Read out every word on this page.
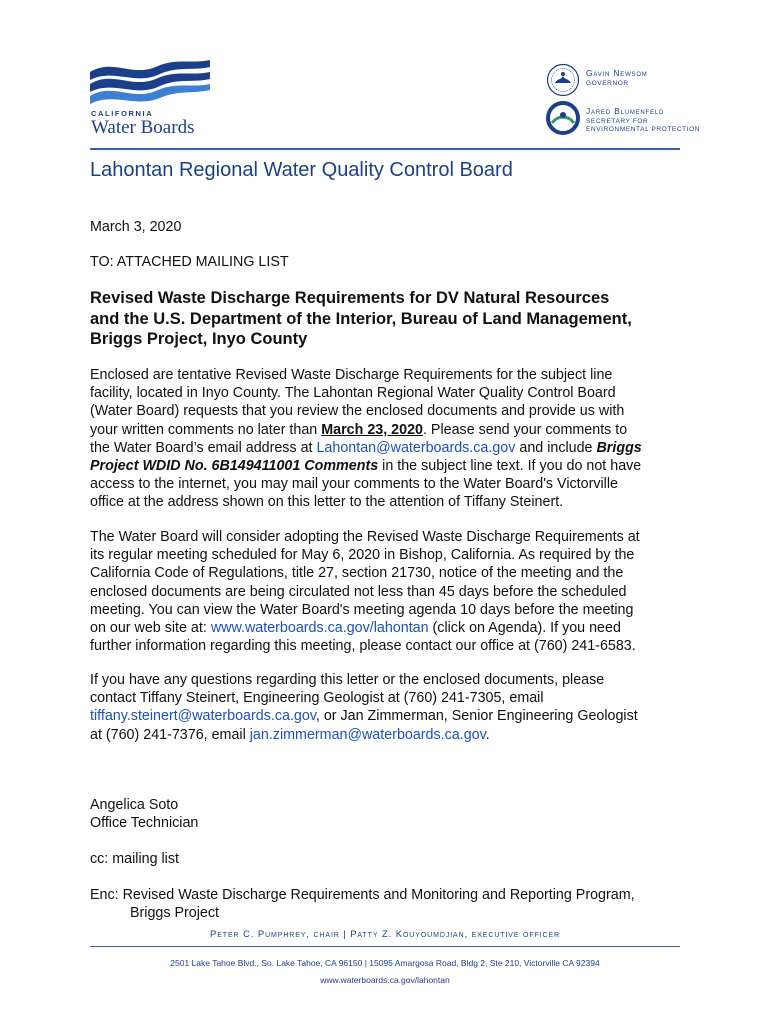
CALIFORNIA
Water Boards
Gavin Newsom
GOVERNOR
Jared Blumenfeld
SECRETARY FOR
ENVIRONMENTAL PROTECTION
Lahontan Regional Water Quality Control Board
March 3, 2020
TO: ATTACHED MAILING LIST
Revised Waste Discharge Requirements for DV Natural Resources
and the U.S. Department of the Interior, Bureau of Land Management,
Briggs Project, Inyo County
Enclosed are tentative Revised Waste Discharge Requirements for the subject line
facility, located in Inyo County. The Lahontan Regional Water Quality Control Board
(Water Board) requests that you review the enclosed documents and provide us with
your written comments no later than March 23, 2020. Please send your comments to
the Water Board’s email address at Lahontan@waterboards.ca.gov and include Briggs
Project WDID No. 6B149411001 Comments in the subject line text. If you do not have
access to the internet, you may mail your comments to the Water Board's Victorville
office at the address shown on this letter to the attention of Tiffany Steinert.
The Water Board will consider adopting the Revised Waste Discharge Requirements at
its regular meeting scheduled for May 6, 2020 in Bishop, California. As required by the
California Code of Regulations, title 27, section 21730, notice of the meeting and the
enclosed documents are being circulated not less than 45 days before the scheduled
meeting. You can view the Water Board's meeting agenda 10 days before the meeting
on our web site at: www.waterboards.ca.gov/lahontan (click on Agenda). If you need
further information regarding this meeting, please contact our office at (760) 241-6583.
If you have any questions regarding this letter or the enclosed documents, please
contact Tiffany Steinert, Engineering Geologist at (760) 241-7305, email
tiffany.steinert@waterboards.ca.gov, or Jan Zimmerman, Senior Engineering Geologist
at (760) 241-7376, email jan.zimmerman@waterboards.ca.gov.
Angelica Soto
Office Technician
cc: mailing list
Enc: Revised Waste Discharge Requirements and Monitoring and Reporting Program,
Briggs Project
Peter C. Pumphrey, chair | Patty Z. Kouyoumdjian, executive officer
2501 Lake Tahoe Blvd., So. Lake Tahoe, CA 96150 | 15095 Amargosa Road, Bldg 2, Ste 210, Victorville CA 92394
www.waterboards.ca.gov/lahontan
